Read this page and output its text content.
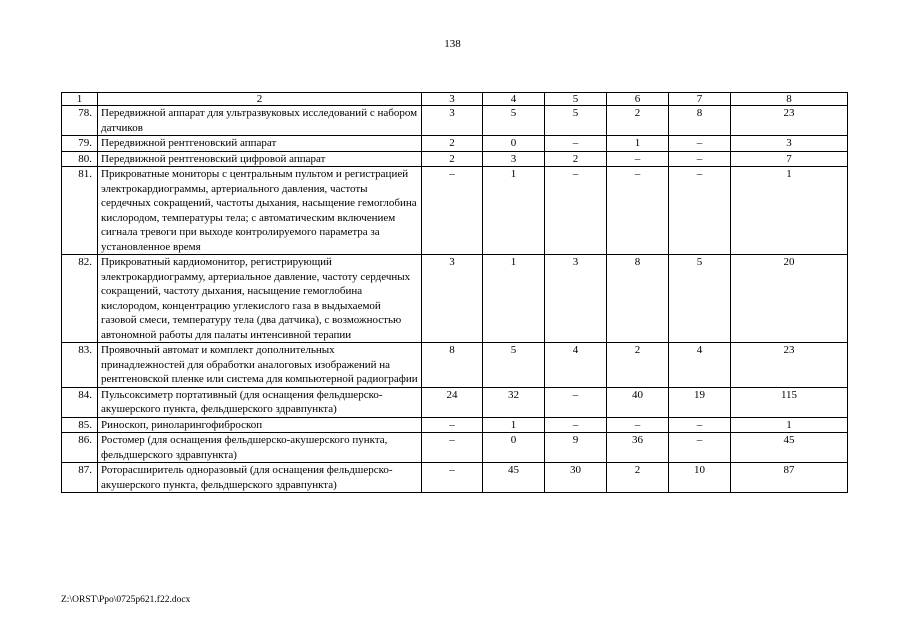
138
1	2	3	4	5	6	7	8
78.	Передвижной аппарат для ультразвуковых исследований с набором датчиков	3	5	5	2	8	23
79.	Передвижной рентгеновский аппарат	2	0	–	1	–	3
80.	Передвижной рентгеновский цифровой аппарат	2	3	2	–	–	7
81.	Прикроватные мониторы с центральным пультом и регистрацией электрокардиограммы, артериального давления, частоты сердечных сокращений, частоты дыхания, насыщение гемоглобина кислородом, температуры тела; с автоматическим включением сигнала тревоги при выходе контролируемого параметра за установленное время	–	1	–	–	–	1
82.	Прикроватный кардиомонитор, регистрирующий электрокардиограмму, артериальное давление, частоту сердечных сокращений, частоту дыхания, насыщение гемоглобина кислородом, концентрацию углекислого газа в выдыхаемой газовой смеси, температуру тела (два датчика), с возможностью автономной работы для палаты интенсивной терапии	3	1	3	8	5	20
83.	Проявочный автомат и комплект дополнительных принадлежностей для обработки аналоговых изображений на рентгеновской пленке или система для компьютерной радиографии	8	5	4	2	4	23
84.	Пульсоксиметр портативный (для оснащения фельдшерско-акушерского пункта, фельдшерского здравпункта)	24	32	–	40	19	115
85.	Риноскоп, риноларингофиброскоп	–	1	–	–	–	1
86.	Ростомер (для оснащения фельдшерско-акушерского пункта, фельдшерского здравпункта)	–	0	9	36	–	45
87.	Роторасширитель одноразовый (для оснащения фельдшерско-акушерского пункта, фельдшерского здравпункта)	–	45	30	2	10	87
Z:\ORST\Ppo\0725p621.f22.docx
